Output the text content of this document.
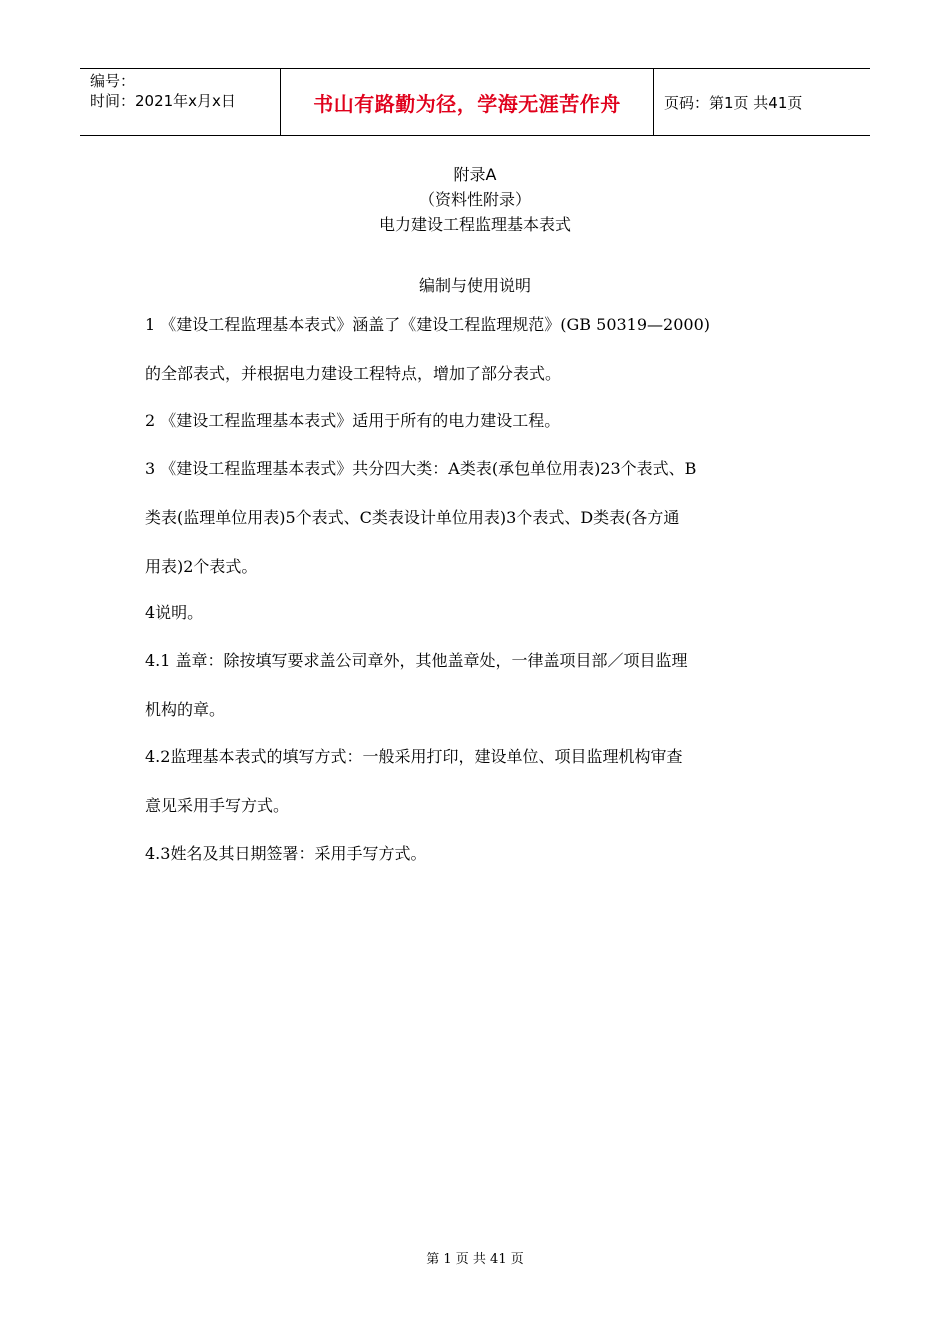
编号：
时间：2021年x月x日	书山有路勤为径，学海无涯苦作舟	页码：第1页 共41页
附录A
（资料性附录）
电力建设工程监理基本表式
编制与使用说明
1 《建设工程监理基本表式》涵盖了《建设工程监理规范》(GB 50319—2000)
的全部表式，并根据电力建设工程特点，增加了部分表式。
2 《建设工程监理基本表式》适用于所有的电力建设工程。
3 《建设工程监理基本表式》共分四大类：A类表(承包单位用表)23个表式、B
类表(监理单位用表)5个表式、C类表设计单位用表)3个表式、D类表(各方通
用表)2个表式。
4说明。
4.1 盖章：除按填写要求盖公司章外，其他盖章处，一律盖项目部／项目监理
机构的章。
4.2监理基本表式的填写方式：一般采用打印，建设单位、项目监理机构审查
意见采用手写方式。
4.3姓名及其日期签署：采用手写方式。
第 1 页 共 41 页
